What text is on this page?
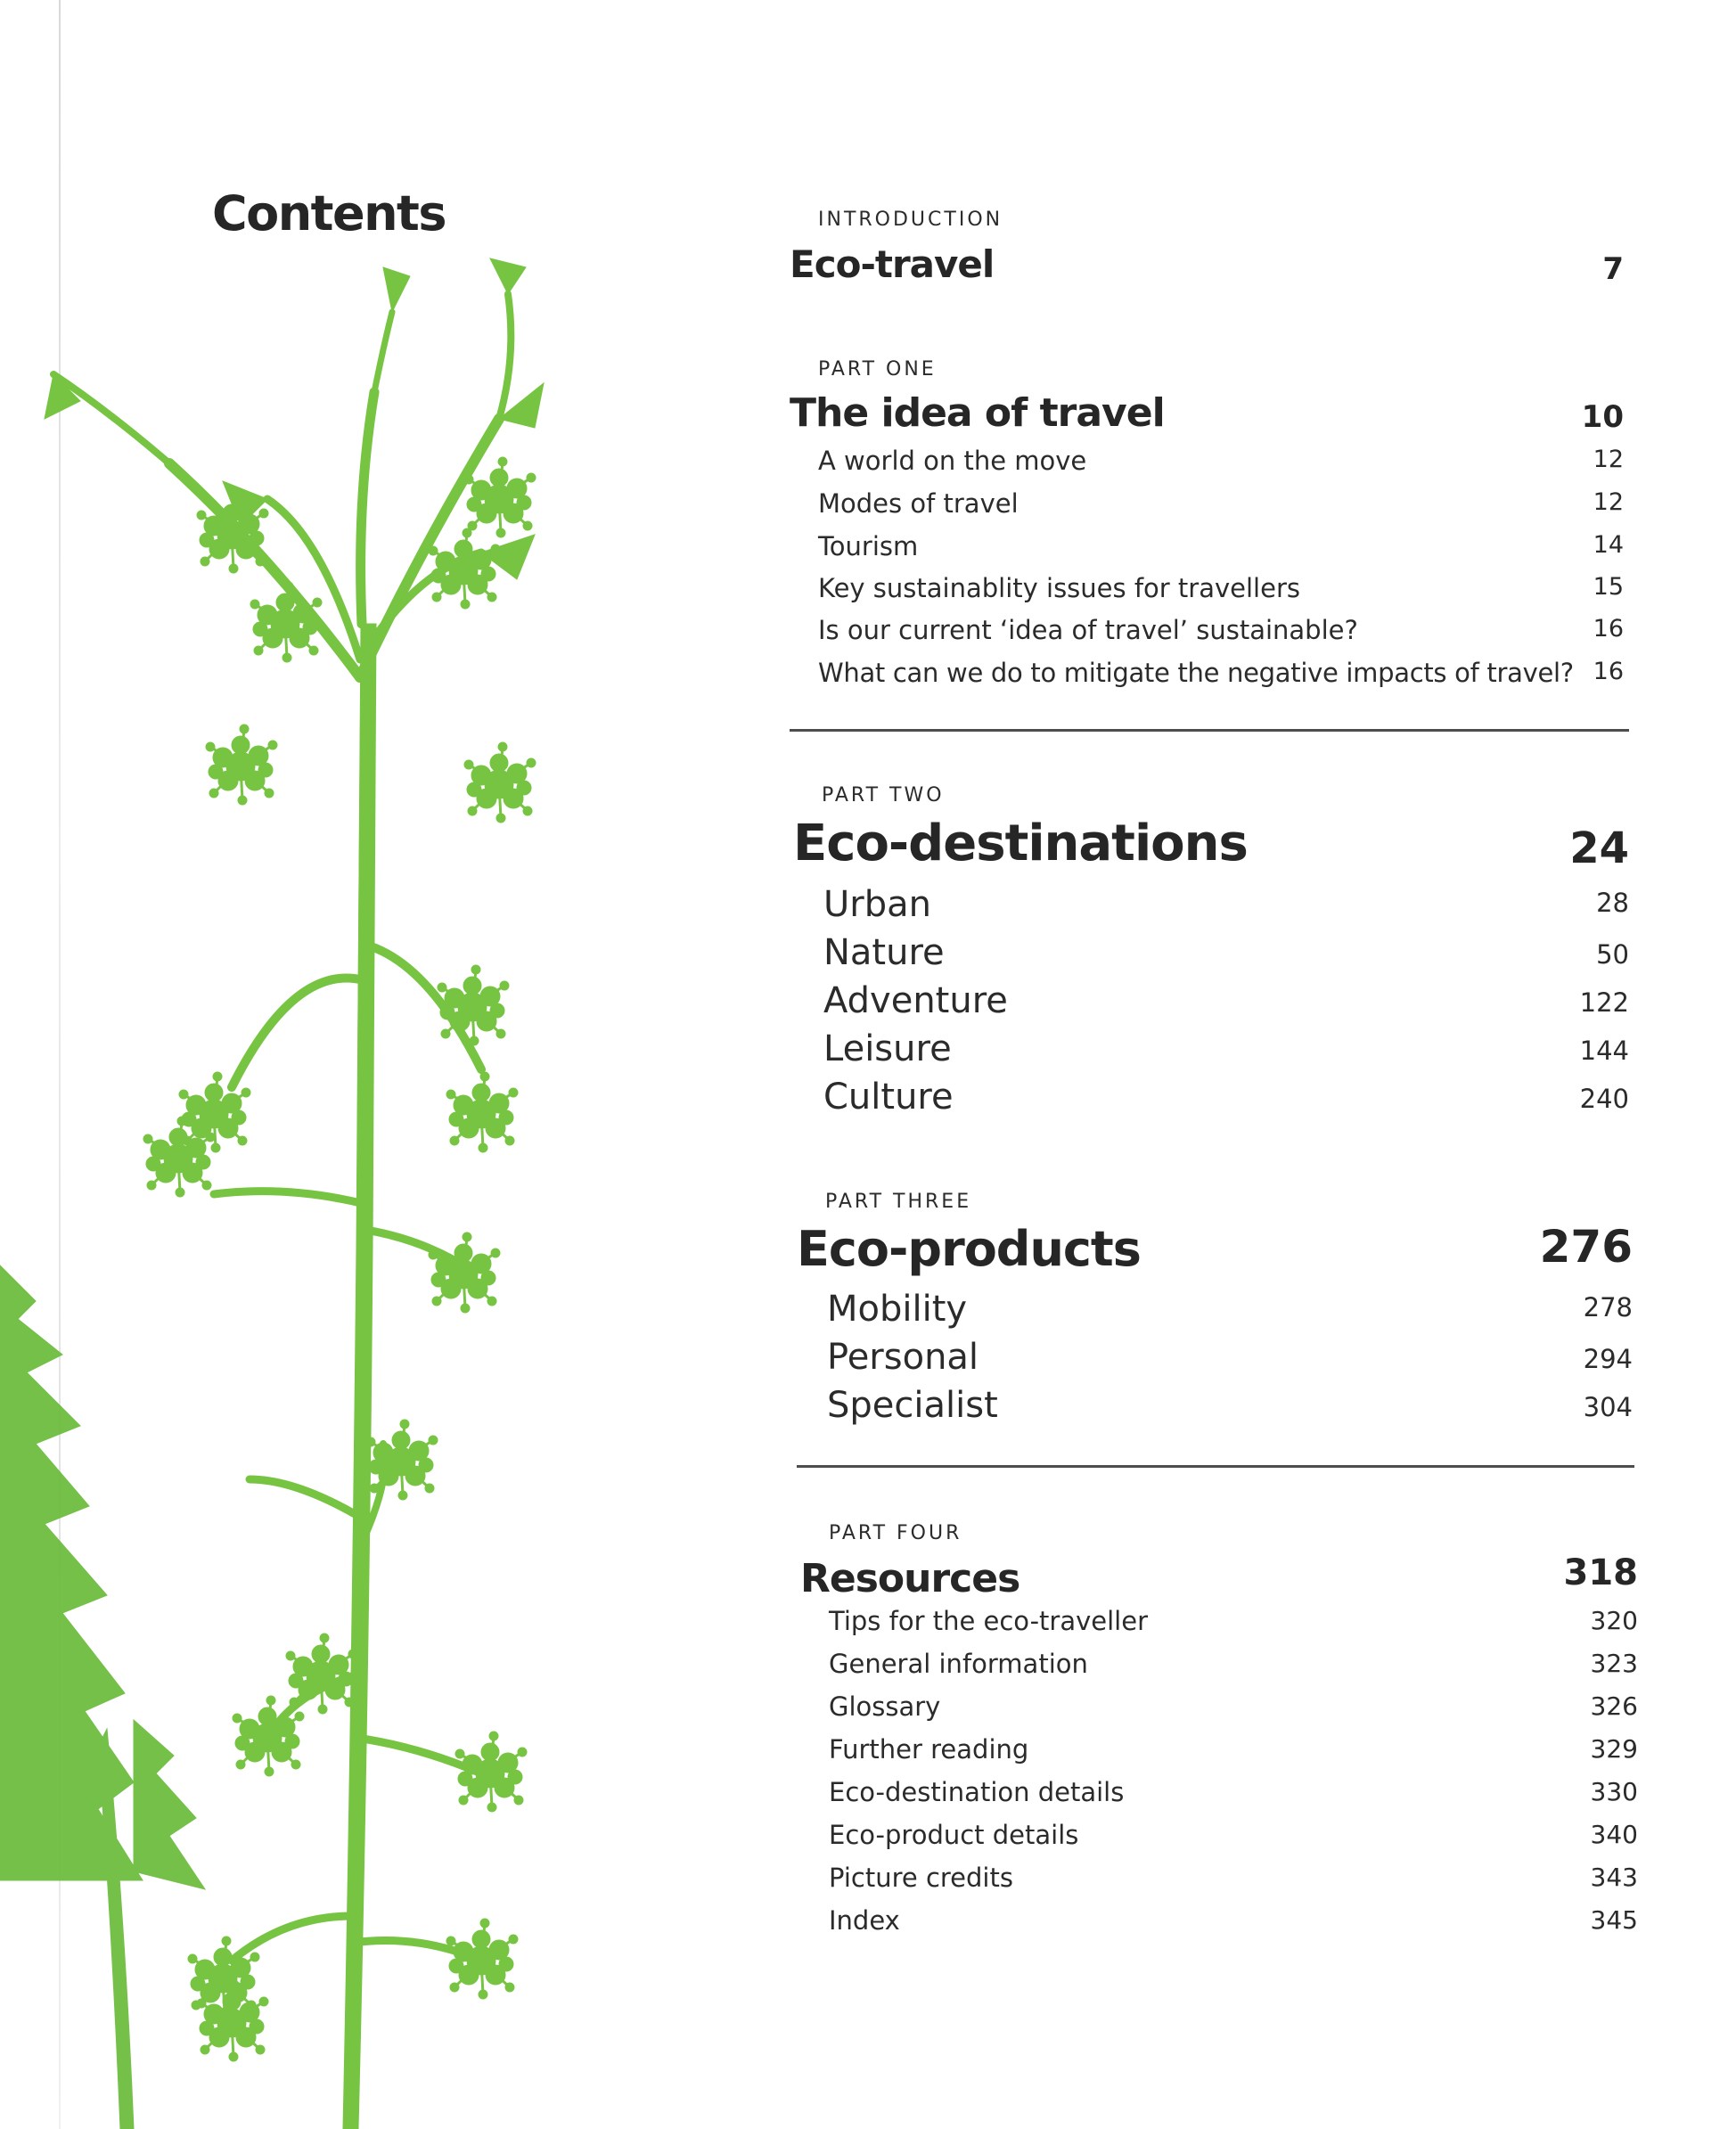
Contents	INTRODUCTION
Eco-travel	7
PART ONE
The idea of travel	10
A world on the move	12
Modes of travel	12
Tourism	14
Key sustainablity issues for travellers	15
Is our current ‘idea of travel’ sustainable?	16
What can we do to mitigate the negative impacts of travel? 16
PART TWO
Eco-destinations	24
Urban	28
Nature	50
Adventure	122
Leisure	144
Culture	240
PART THREE
Eco-products	276
Mobility	278
Personal	294
Specialist	304
PART FOUR
Resources	318
Tips for the eco-traveller	320
General information	323
Glossary	326
Further reading	329
Eco-destination details	330
Eco-product details	340
Picture credits	343
Index	345
